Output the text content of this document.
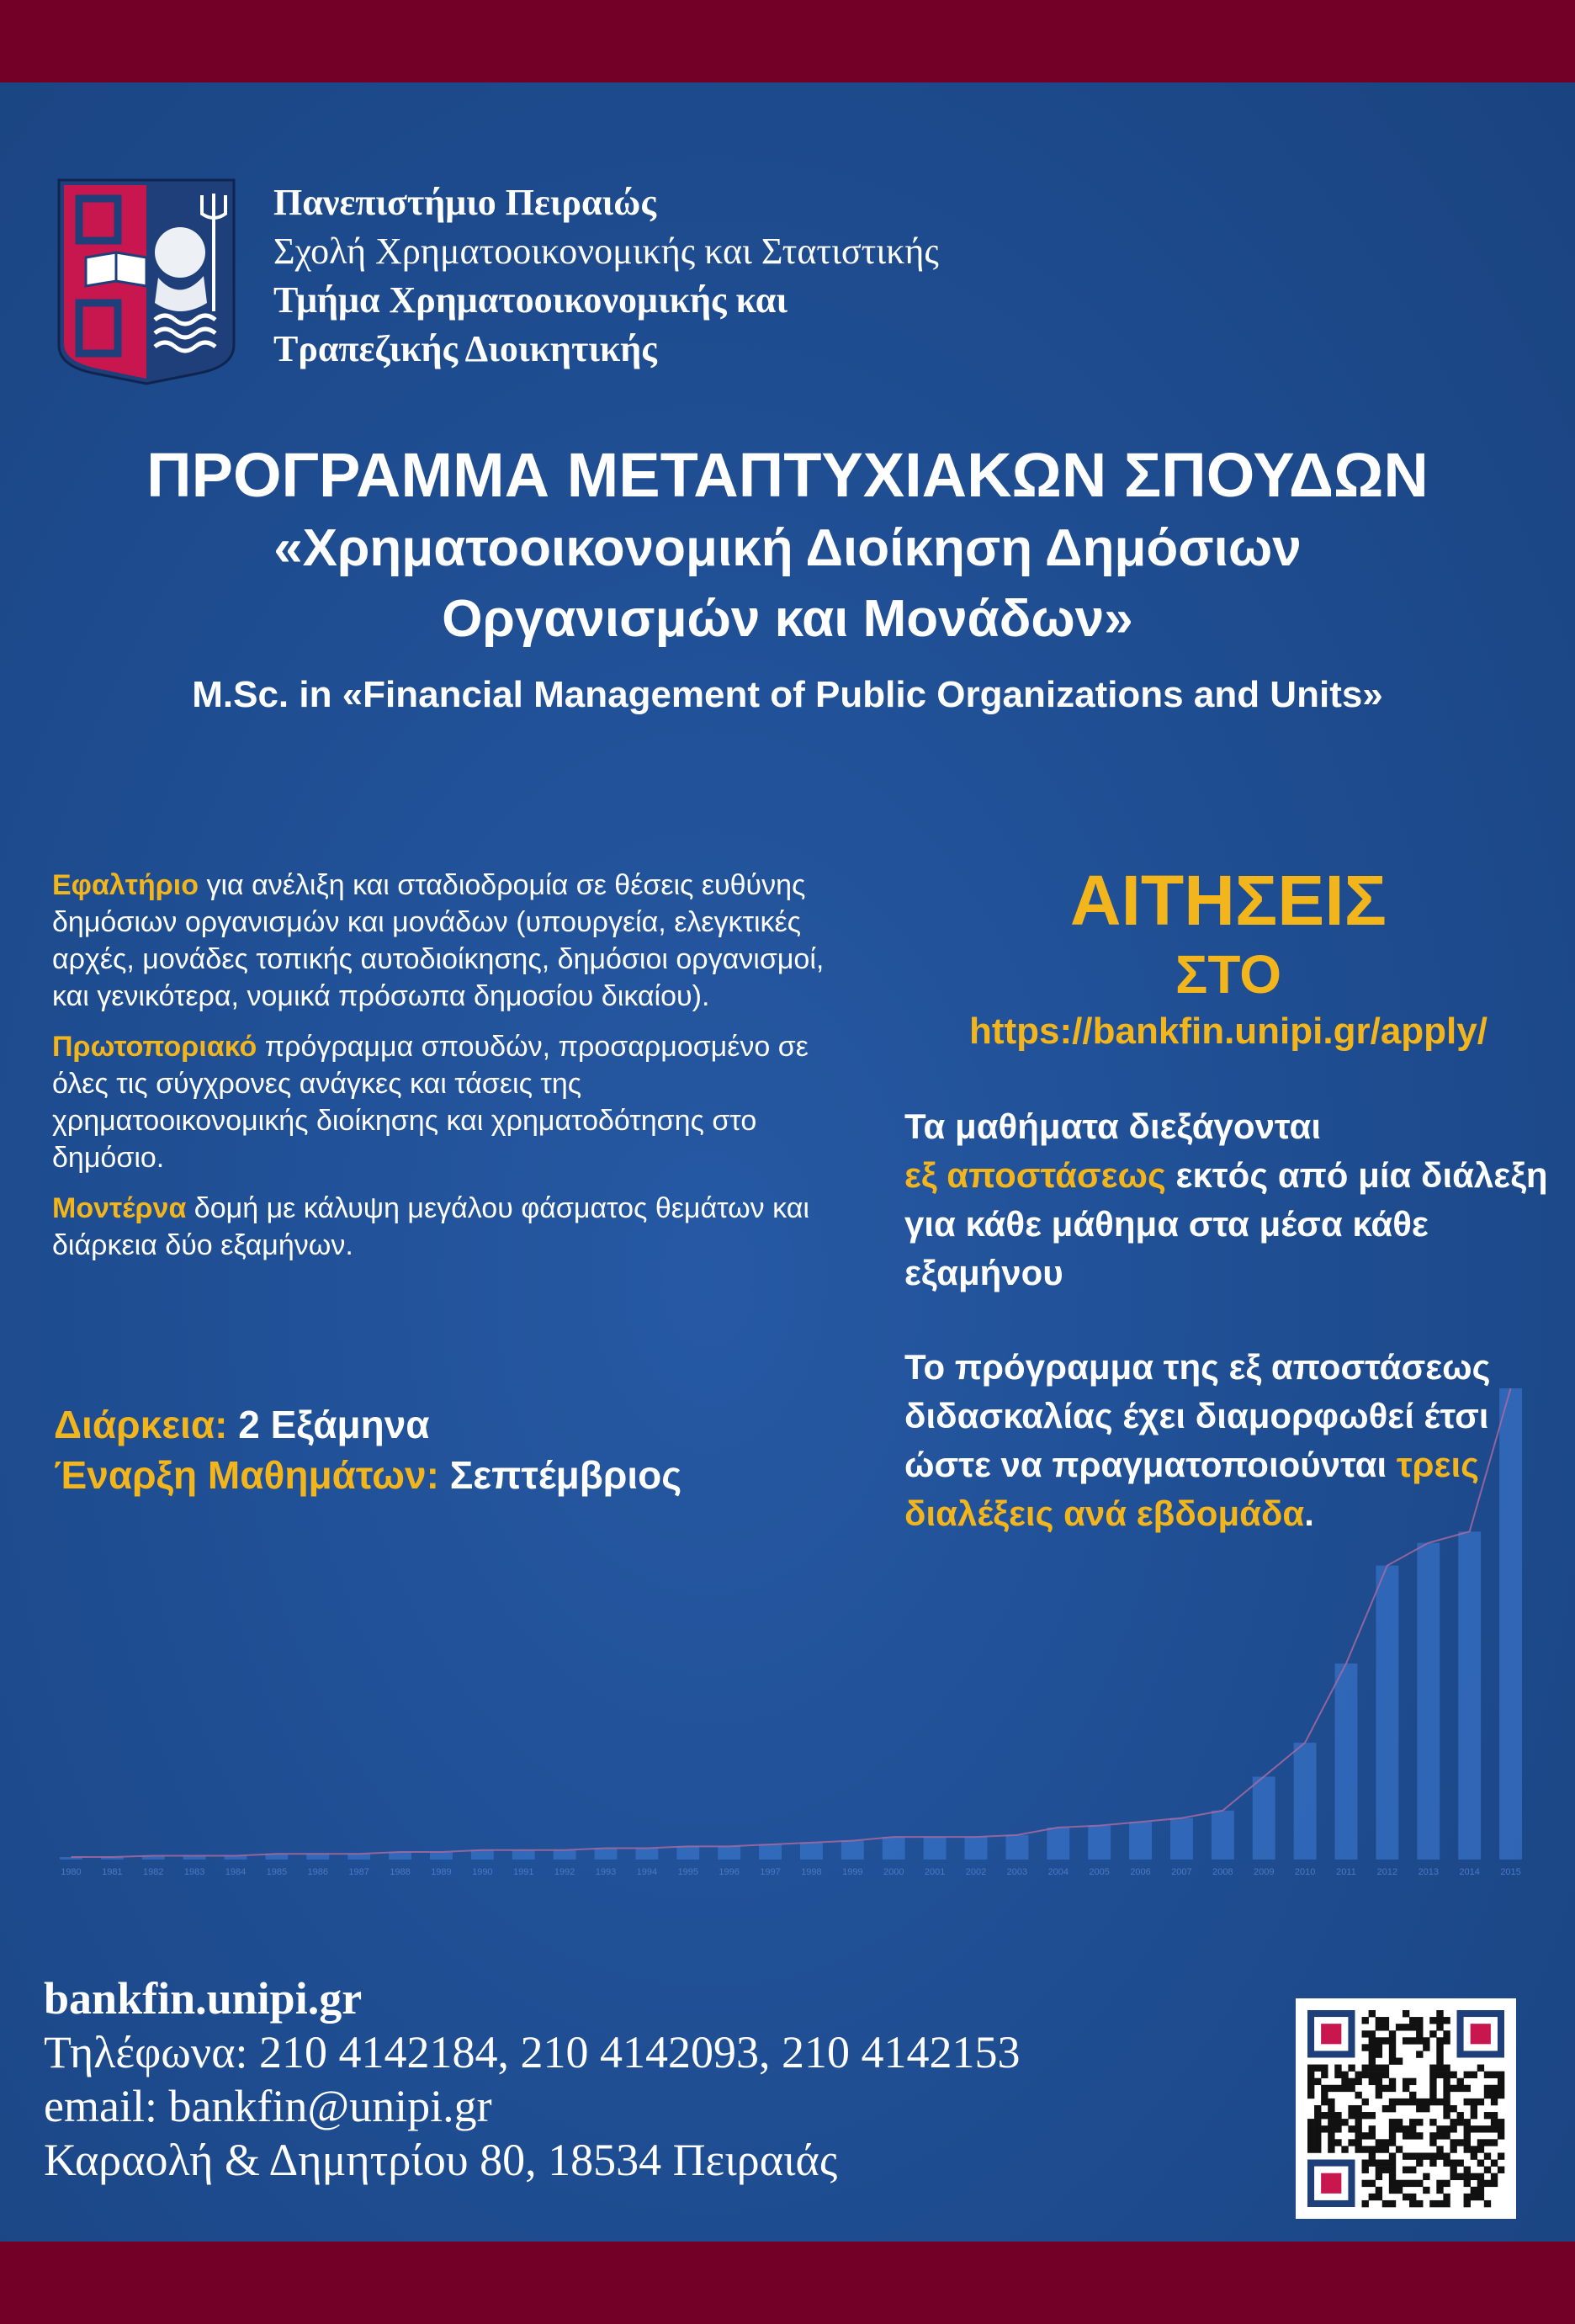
Πανεπιστήμιο Πειραιώς
Σχολή Χρηματοοικονομικής και Στατιστικής
Τμήμα Χρηματοοικονομικής και
Τραπεζικής Διοικητικής
ΠΡΟΓΡΑΜΜΑ ΜΕΤΑΠΤΥΧΙΑΚΩΝ ΣΠΟΥΔΩΝ
«Χρηματοοικονομική Διοίκηση Δημόσιων
Οργανισμών και Μονάδων»
M.Sc. in «Financial Management of Public Organizations and Units»
1980 1981 1982 1983 1984 1985 1986 1987 1988 1989 1990 1991 1992 1993 1994 1995 1996 1997 1998 1999 2000 2001 2002 2003 2004 2005 2006 2007 2008 2009 2010 2011 2012 2013 2014 2015

Εφαλτήριο για ανέλιξη και σταδιοδρομία σε θέσεις ευθύνης δημόσιων οργανισμών και μονάδων (υπουργεία, ελεγκτικές αρχές, μονάδες τοπικής αυτοδιοίκησης, δημόσιοι οργανισμοί, και γενικότερα, νομικά πρόσωπα δημοσίου δικαίου).

Πρωτοποριακό πρόγραμμα σπουδών, προσαρμοσμένο σε όλες τις σύγχρονες ανάγκες και τάσεις της χρηματοοικονομικής διοίκησης και χρηματοδότησης στο δημόσιο.

Μοντέρνα δομή με κάλυψη μεγάλου φάσματος θεμάτων και διάρκεια δύο εξαμήνων.

Διάρκεια: 2 Εξάμηνα
Έναρξη Μαθημάτων: Σεπτέμβριος
ΑΙΤΗΣΕΙΣ
ΣΤΟ
https://bankfin.unipi.gr/apply/

Τα μαθήματα διεξάγονται
εξ αποστάσεως εκτός από μία διάλεξη για κάθε μάθημα στα μέσα κάθε εξαμήνου

Το πρόγραμμα της εξ αποστάσεως διδασκαλίας έχει διαμορφωθεί έτσι ώστε να πραγματοποιούνται τρεις διαλέξεις ανά εβδομάδα.

bankfin.unipi.gr
Τηλέφωνα: 210 4142184, 210 4142093, 210 4142153
email: bankfin@unipi.gr
Καραολή & Δημητρίου 80, 18534 Πειραιάς
